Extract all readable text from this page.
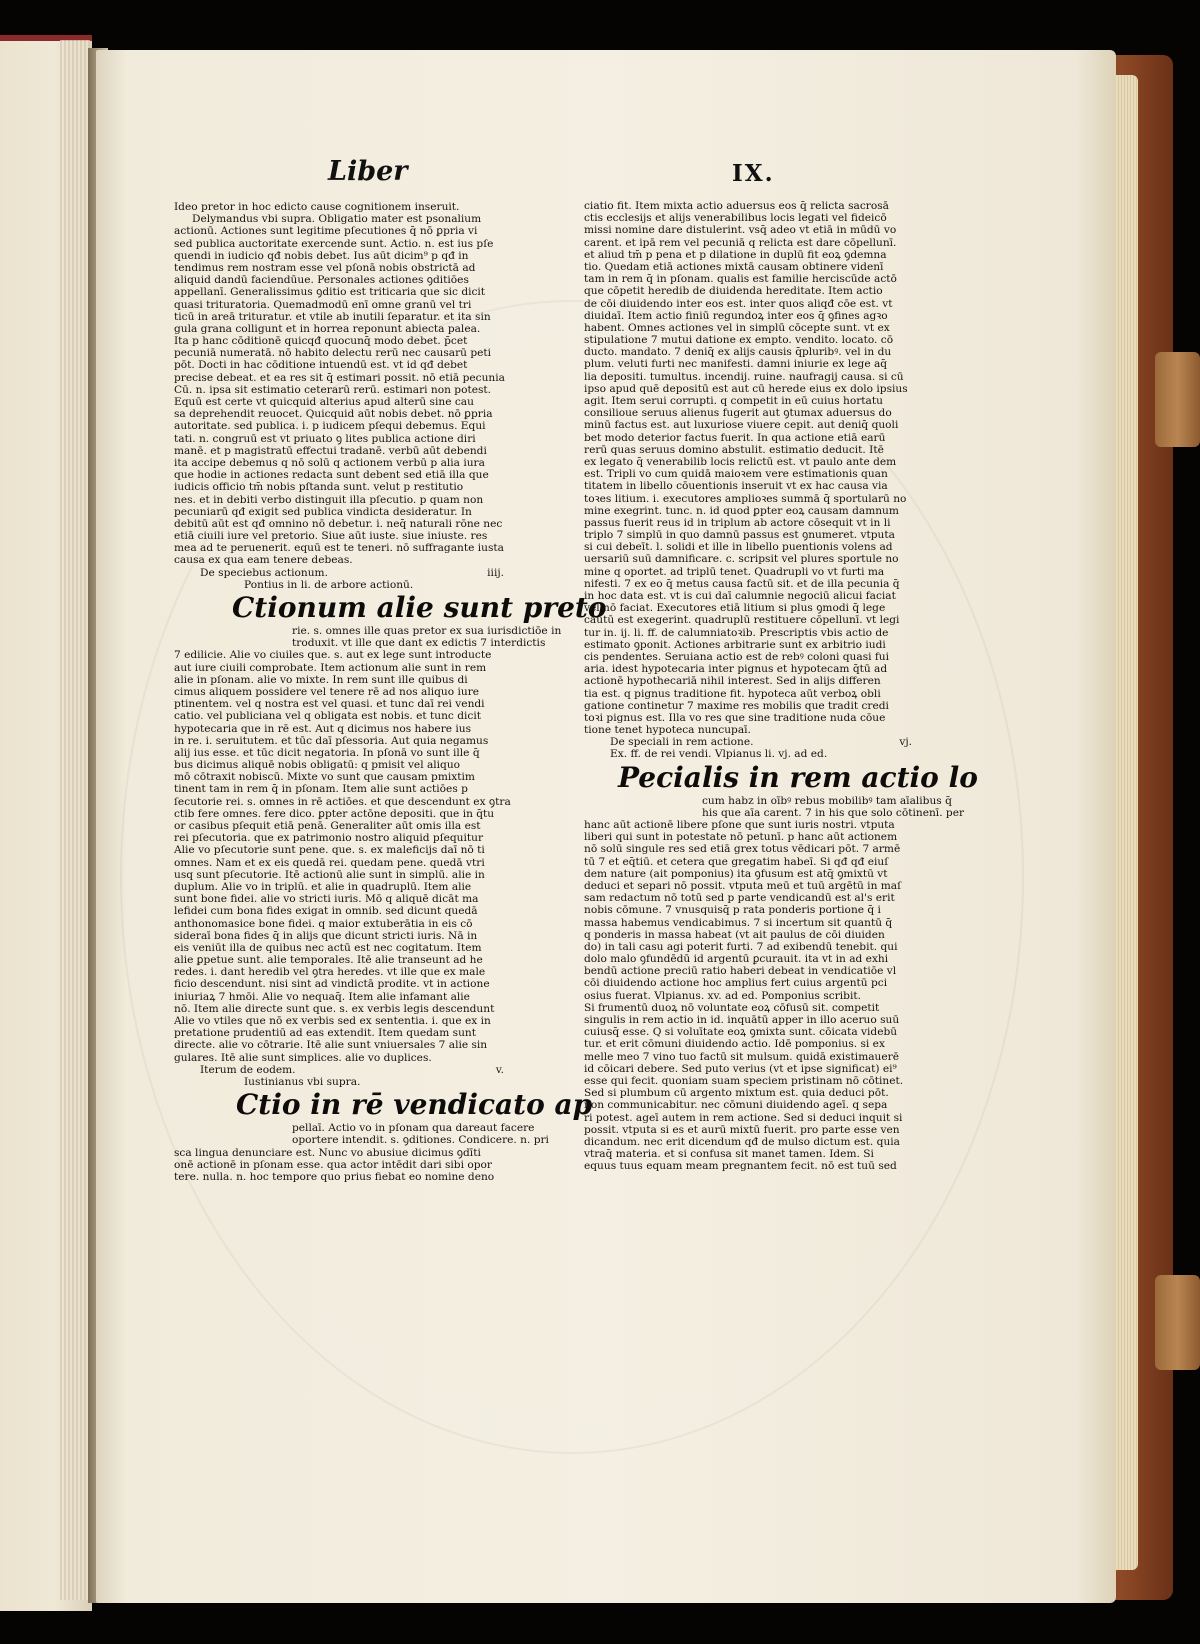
Liber	IX.
Ideo pretor in hoc edicto cause cognitionem inseruit.
Delymandus vbi supra. Obligatio mater est psonalium
actionū. Actiones sunt legitime pſecutiones q̄ nō ꝑpria vi
sed publica auctoritate exercende sunt. Actio. n. est ius pſe
quendi in iudicio qđ nobis debet. Ius aūt dicim⁹ p qđ in
tendimus rem nostram esse vel pſonā nobis obstrictā ad
aliquid dandū faciendūue. Personales actiones ꝯditiōes
appellanī. Generalissimus ꝯditio est triticaria que sic dicit
quasi trituratoria. Quemadmodū enī omne granū vel tri
ticū in areā trituratur. et vtile ab inutili ſeparatur. et ita sin
gula grana colligunt et in horrea reponunt abiecta palea.
Ita p hanc cōditionē quicqđ quocunq̄ modo debet. p̄cet
pecuniā numeratā. nō habito delectu rerū nec causarū peti
pōt. Docti in hac cōditione intuendū est. vt id qđ debet
precise debeat. et ea res sit q̄ estimari possit. nō etiā pecunia
Cū. n. ipsa sit estimatio ceterarū rerū. estimari non potest.
Equū est certe vt quicquid alterius apud alterū sine cau
sa deprehendit reuocet. Quicquid aūt nobis debet. nō ꝑpria
autoritate. sed publica. i. p iudicem pſequi debemus. Equi
tati. n. congruū est vt priuato ꝯ lites publica actione diri
manē. et p magistratū effectui tradanē. verbū aūt debendi
ita accipe debemus q nō solū q actionem verbū p alia iura
que hodie in actiones redacta sunt debent sed etiā illa que
iudicis officio tm̄ nobis pſtanda sunt. velut p restitutio
nes. et in debiti verbo distinguit illa pſecutio. p quam non
pecuniarū qđ exigit sed publica vindicta desideratur. In
debitū aūt est qđ omnino nō debetur. i. neq̄ naturali rōne nec
etiā ciuili iure vel pretorio. Siue aūt iuste. siue iniuste. res
mea ad te peruenerit. equū est te teneri. nō suffragante iusta
causa ex qua eam tenere debeas.
De speciebus actionum.	iiij.
Pontius in li. de arbore actionū.
Ctionum alie sunt preto
rie. s. omnes ille quas pretor ex sua iurisdictiōe in
troduxit. vt ille que dant ex edictis 7 interdictis
7 edilicie. Alie vo ciuiles que. s. aut ex lege sunt introducte
aut iure ciuili comprobate. Item actionum alie sunt in rem
alie in pſonam. alie vo mixte. In rem sunt ille quibus di
cimus aliquem possidere vel tenere rē ad nos aliquo iure
ptinentem. vel q nostra est vel quasi. et tunc daī rei vendi
catio. vel publiciana vel q obligata est nobis. et tunc dicit
hypotecaria que in rē est. Aut q dicimus nos habere ius
in re. i. seruitutem. et tūc daī pſessoria. Aut quia negamus
alij ius esse. et tūc dicit negatoria. In pſonā vo sunt ille q̄
bus dicimus aliquē nobis obligatū: q pmisit vel aliquo
mō cōtraxit nobiscū. Mixte vo sunt que causam pmixtim
tinent tam in rem q̄ in pſonam. Item alie sunt actiōes p
ſecutorie rei. s. omnes in rē actiōes. et que descendunt ex ꝯtra
ctib fere omnes. fere dico. ꝑpter actōne depositi. que in q̄tu
or casibus pſequit etiā penā. Generaliter aūt omis illa est
rei pſecutoria. que ex patrimonio nostro aliquid pſequitur
Alie vo pſecutorie sunt pene. que. s. ex maleficijs daī nō ti
omnes. Nam et ex eis quedā rei. quedam pene. quedā vtri
usq sunt pſecutorie. Itē actionū alie sunt in simplū. alie in
duplum. Alie vo in triplū. et alie in quadruplū. Item alie
sunt bone fidei. alie vo stricti iuris. Mō q aliquē dicāt ma
lefidei cum bona fides exigat in omnib. sed dicunt quedā
anthonomasice bone fidei. q maior extuberātia in eis cō
sideraī bona fides q̄ in alijs que dicunt stricti iuris. Nā in
eis veniūt illa de quibus nec actū est nec cogitatum. Item
alie ꝑpetue sunt. alie temporales. Itē alie transeunt ad he
redes. i. dant heredib vel ꝯtra heredes. vt ille que ex male
ficio descendunt. nisi sint ad vindictā prodite. vt in actione
iniuriaꝝ 7 hmōi. Alie vo nequaq̄. Item alie infamant alie
nō. Item alie directe sunt que. s. ex verbis legis descendunt
Alie vo vtiles que nō ex verbis sed ex sententia. i. que ex in
pretatione prudentiū ad eas extendit. Item quedam sunt
directe. alie vo cōtrarie. Itē alie sunt vniuersales 7 alie sin
gulares. Itē alie sunt simplices. alie vo duplices.
Iterum de eodem.	v.
Iustinianus vbi supra.
Ctio in rē vendicato ap
pellaī. Actio vo in pſonam qua dareaut facere
oportere intendit. s. ꝯditiones. Condicere. n. pri
sca lingua denunciare est. Nunc vo abusiue dicimus ꝯdīti
onē actionē in pſonam esse. qua actor intēdit dari sibi opor
tere. nulla. n. hoc tempore quo prius fiebat eo nomine deno
ciatio fit. Item mixta actio aduersus eos q̄ relicta sacrosā
ctis ecclesijs et alijs venerabilibus locis legati vel fideicō
missi nomine dare distulerint. vsq̄ adeo vt etiā in mūdū vo
carent. et ipā rem vel pecuniā q relicta est dare cōpellunī.
et aliud tm̄ p pena et p dilatione in duplū fit eoꝝ ꝯdemna
tio. Quedam etiā actiones mixtā causam obtinere videnī
tam in rem q̄ in pſonam. qualis est familie herciscūde actō
que cōpetit heredib de diuidenda hereditate. Item actio
de cōi diuidendo inter eos est. inter quos aliqđ cōe est. vt
diuidaī. Item actio finiū regundoꝝ inter eos q̄ ꝯfines agꝛo
habent. Omnes actiones vel in simplū cōcepte sunt. vt ex
stipulatione 7 mutui datione ex empto. vendito. locato. cō
ducto. mandato. 7 deniq̄ ex alijs causis q̄pluribꝰ. vel in du
plum. veluti furti nec manifesti. damni iniurie ex lege aq̄
lia depositi. tumultus. incendij. ruine. naufragij causa. si cū
ipso apud quē depositū est aut cū herede eius ex dolo ipsius
agit. Item serui corrupti. q competit in eū cuius hortatu
consilioue seruus alienus fugerit aut ꝯtumax aduersus do
minū factus est. aut luxuriose viuere cepit. aut deniq̄ quoli
bet modo deterior factus fuerit. In qua actione etiā earū
rerū quas seruus domino abstulit. estimatio deducit. Itē
ex legato q̄ venerabilib locis relictū est. vt paulo ante dem
est. Tripli vo cum quidā maioꝛem vere estimationis quan
titatem in libello cōuentionis inseruit vt ex hac causa via
toꝛes litium. i. executores amplioꝛes summā q̄ sportularū no
mine exegrint. tunc. n. id quod ꝑpter eoꝝ causam damnum
passus fuerit reus id in triplum ab actore cōsequit vt in li
triplo 7 simplū in quo damnū passus est ꝯnumeret. vtputa
si cui debeīt. l. solidi et ille in libello puentionis volens ad
uersariū suū damnificare. c. scripsit vel plures sportule no
mine q oportet. ad triplū tenet. Quadrupli vo vt furti ma
nifesti. 7 ex eo q̄ metus causa factū sit. et de illa pecunia q̄
in hoc data est. vt is cui daī calumnie negociū alicui faciat
vel nō faciat. Executores etiā litium si plus ꝯmodi q̄ lege
cautū est exegerint. quadruplū restituere cōpellunī. vt legi
tur in. ij. li. ff. de calumniatoꝛib. Prescriptis vbis actio de
estimato ꝯponit. Actiones arbitrarie sunt ex arbitrio iudi
cis pendentes. Seruiana actio est de rebꝰ coloni quasi fui
aria. idest hypotecaria inter pignus et hypotecam q̄tū ad
actionē hypothecariā nihil interest. Sed in alijs differen
tia est. q pignus traditione fit. hypoteca aūt verboꝝ obli
gatione continetur 7 maxime res mobilis que tradit credi
toꝛi pignus est. Illa vo res que sine traditione nuda cōue
tione tenet hypoteca nuncupaī.
De speciali in rem actione.	vj.
Ex. ff. de rei vendi. Vlpianus li. vj. ad ed.
Pecialis in rem actio lo
cum habz in oībꝰ rebus mobilibꝰ tam aīalibus q̄
his que aīa carent. 7 in his que solo cōtinenī. per
hanc aūt actionē libere pſone que sunt iuris nostri. vtputa
liberi qui sunt in potestate nō petunī. p hanc aūt actionem
nō solū singule res sed etiā grex totus vēdicari pōt. 7 armē
tū 7 et eq̄tiū. et cetera que gregatim habeī. Si qđ qđ eiuſ
dem nature (ait pomponius) ita ꝯfusum est atq̄ ꝯmixtū vt
deduci et separi nō possit. vtputa meū et tuū argētū in maſ
sam redactum nō totū sed p parte vendicandū est al's erit
nobis cōmune. 7 vnusquisq̄ p rata ponderis portione q̄ i
massa habemus vendicabimus. 7 si incertum sit quantū q̄
q ponderis in massa habeat (vt ait paulus de cōi diuiden
do) in tali casu agi poterit furti. 7 ad exibendū tenebit. qui
dolo malo ꝯfundēdū id argentū ꝑcurauit. ita vt in ad exhi
bendū actione preciū ratio haberi debeat in vendicatiōe vl
cōi diuidendo actione hoc amplius fert cuius argentū pci
osius fuerat. Vlpianus. xv. ad ed. Pomponius scribit.
Si frumentū duoꝝ nō voluntate eoꝝ cōfusū sit. competit
singulis in rem actio in id. inquātū apper in illo aceruo suū
cuiusq̄ esse. Q si voluītate eoꝝ ꝯmixta sunt. cōicata videbū
tur. et erit cōmuni diuidendo actio. Idē pomponius. si ex
melle meo 7 vino tuo factū sit mulsum. quidā existimauerē
id cōicari debere. Sed puto verius (vt et ipse significat) ei⁹
esse qui fecit. quoniam suam speciem pristinam nō cōtinet.
Sed si plumbum cū argento mixtum est. quia deduci pōt.
non communicabitur. nec cōmuni diuidendo ageī. q sepa
ri potest. ageī autem in rem actione. Sed si deduci inquit si
possit. vtputa si es et aurū mixtū fuerit. pro parte esse ven
dicandum. nec erit dicendum qđ de mulso dictum est. quia
vtraq̄ materia. et si confusa sit manet tamen. Idem. Si
equus tuus equam meam pregnantem fecit. nō est tuū sed
